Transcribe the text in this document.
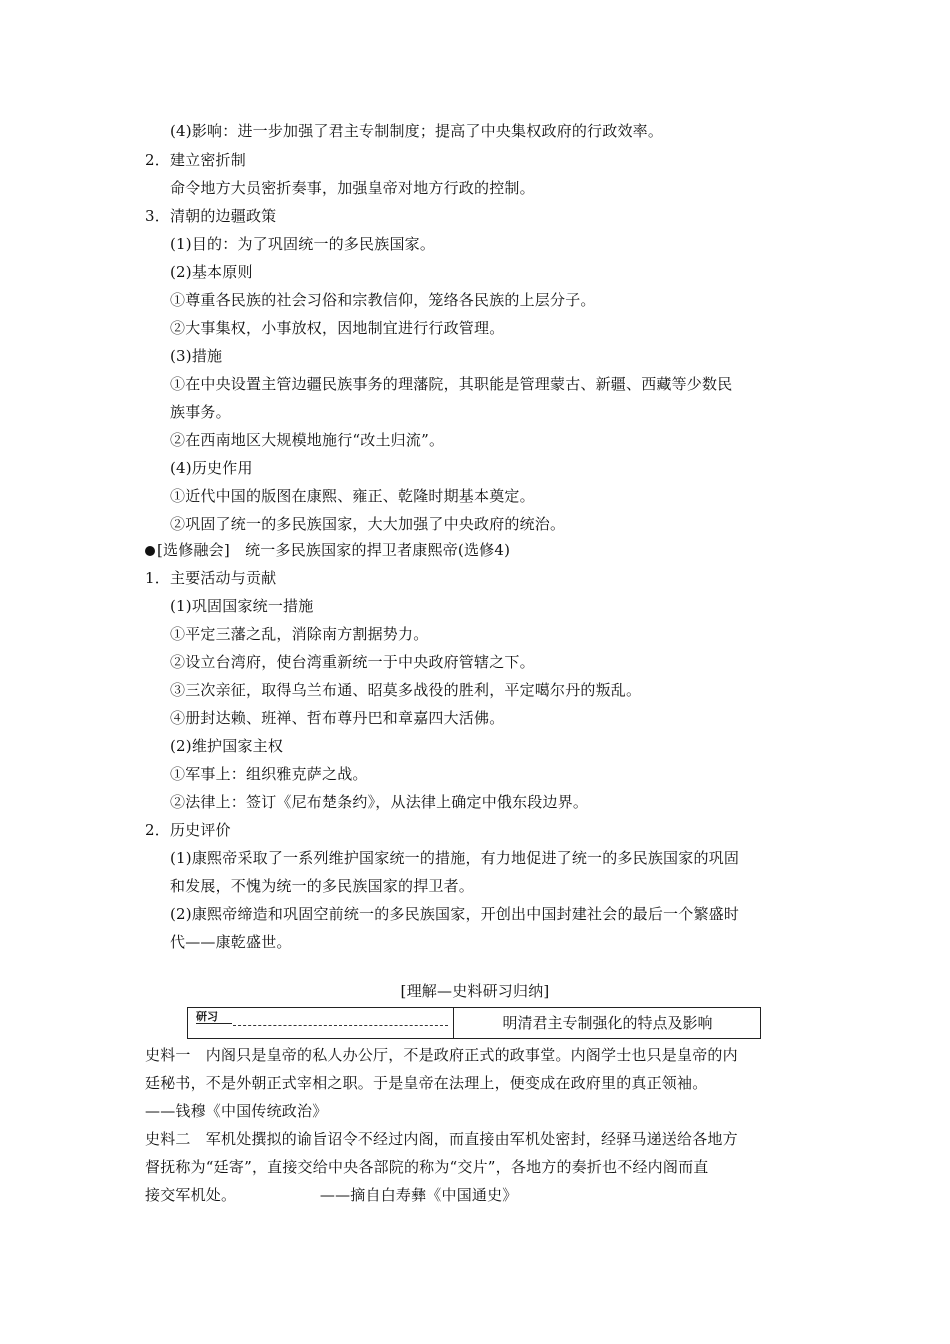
(4)影响：进一步加强了君主专制制度；提高了中央集权政府的行政效率。
2．建立密折制
命令地方大员密折奏事，加强皇帝对地方行政的控制。
3．清朝的边疆政策
(1)目的：为了巩固统一的多民族国家。
(2)基本原则
①尊重各民族的社会习俗和宗教信仰，笼络各民族的上层分子。
②大事集权，小事放权，因地制宜进行行政管理。
(3)措施
①在中央设置主管边疆民族事务的理藩院，其职能是管理蒙古、新疆、西藏等少数民
族事务。
②在西南地区大规模地施行“改土归流”。
(4)历史作用
①近代中国的版图在康熙、雍正、乾隆时期基本奠定。
②巩固了统一的多民族国家，大大加强了中央政府的统治。
[选修融会]　统一多民族国家的捍卫者康熙帝(选修4)
1．主要活动与贡献
(1)巩固国家统一措施
①平定三藩之乱，消除南方割据势力。
②设立台湾府，使台湾重新统一于中央政府管辖之下。
③三次亲征，取得乌兰布通、昭莫多战役的胜利，平定噶尔丹的叛乱。
④册封达赖、班禅、哲布尊丹巴和章嘉四大活佛。
(2)维护国家主权
①军事上：组织雅克萨之战。
②法律上：签订《尼布楚条约》，从法律上确定中俄东段边界。
2．历史评价
(1)康熙帝采取了一系列维护国家统一的措施，有力地促进了统一的多民族国家的巩固
和发展，不愧为统一的多民族国家的捍卫者。
(2)康熙帝缔造和巩固空前统一的多民族国家，开创出中国封建社会的最后一个繁盛时
代——康乾盛世。
[理解—史料研习归纳]
研习	明清君主专制强化的特点及影响
史料一　内阁只是皇帝的私人办公厅，不是政府正式的政事堂。内阁学士也只是皇帝的内
廷秘书，不是外朝正式宰相之职。于是皇帝在法理上，便变成在政府里的真正领袖。
——钱穆《中国传统政治》
史料二　军机处撰拟的谕旨诏令不经过内阁，而直接由军机处密封，经驿马递送给各地方
督抚称为“廷寄”，直接交给中央各部院的称为“交片”，各地方的奏折也不经内阁而直
接交军机处。　　　　　　——摘自白寿彝《中国通史》
